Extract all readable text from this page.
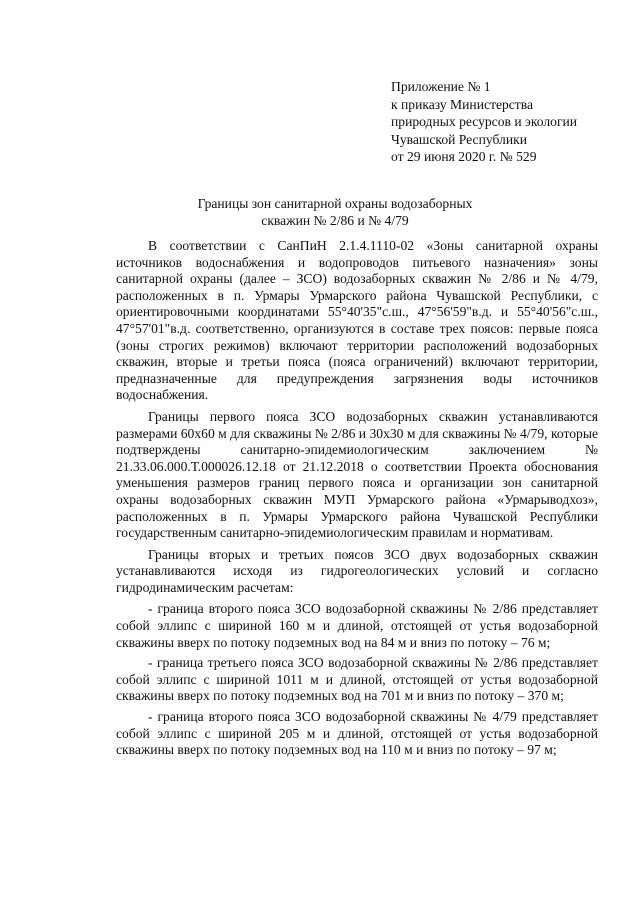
Приложение № 1
к приказу Министерства
природных ресурсов и экологии
Чувашской Республики
от 29 июня 2020 г. № 529
Границы зон санитарной охраны водозаборных
скважин № 2/86 и № 4/79

В соответствии с СанПиН 2.1.4.1110-02 «Зоны санитарной охраны источников водоснабжения и водопроводов питьевого назначения» зоны санитарной охраны (далее – ЗСО) водозаборных скважин № 2/86 и № 4/79, расположенных в п. Урмары Урмарского района Чувашской Республики, с ориентировочными координатами 55°40'35"с.ш., 47°56'59"в.д. и 55°40'56"с.ш., 47°57'01"в.д. соответственно, организуются в составе трех поясов: первые пояса (зоны строгих режимов) включают территории расположений водозаборных скважин, вторые и третьи пояса (пояса ограничений) включают территории, предназначенные для предупреждения загрязнения воды источников водоснабжения.

Границы первого пояса ЗСО водозаборных скважин устанавливаются размерами 60х60 м для скважины № 2/86 и 30х30 м для скважины № 4/79, которые подтверждены санитарно-эпидемиологическим заключением № 21.33.06.000.Т.000026.12.18 от 21.12.2018 о соответствии Проекта обоснования уменьшения размеров границ первого пояса и организации зон санитарной охраны водозаборных скважин МУП Урмарского района «Урмарыводхоз», расположенных в п. Урмары Урмарского района Чувашской Республики государственным санитарно-эпидемиологическим правилам и нормативам.

Границы вторых и третьих поясов ЗСО двух водозаборных скважин устанавливаются исходя из гидрогеологических условий и согласно гидродинамическим расчетам:

- граница второго пояса ЗСО водозаборной скважины № 2/86 представляет собой эллипс с шириной 160 м и длиной, отстоящей от устья водозаборной скважины вверх по потоку подземных вод на 84 м и вниз по потоку – 76 м;

- граница третьего пояса ЗСО водозаборной скважины № 2/86 представляет собой эллипс с шириной 1011 м и длиной, отстоящей от устья водозаборной скважины вверх по потоку подземных вод на 701 м и вниз по потоку – 370 м;

- граница второго пояса ЗСО водозаборной скважины № 4/79 представляет собой эллипс с шириной 205 м и длиной, отстоящей от устья водозаборной скважины вверх по потоку подземных вод на 110 м и вниз по потоку – 97 м;
